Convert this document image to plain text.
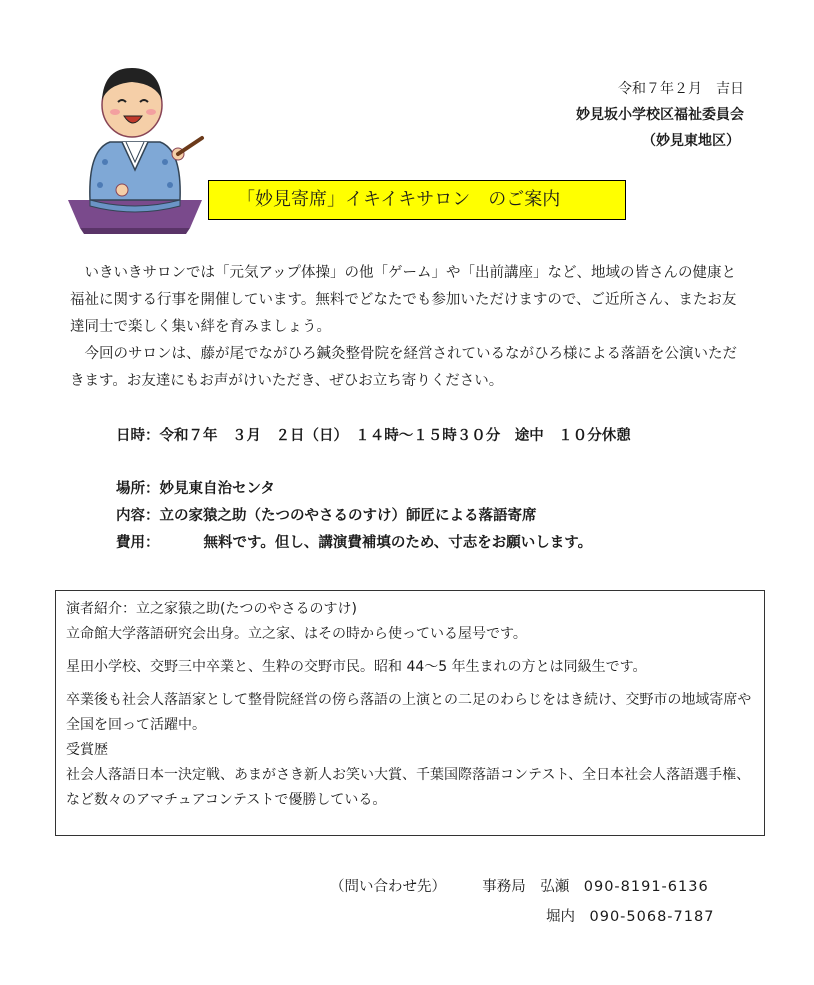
令和７年２月　吉日
妙見坂小学校区福祉委員会
（妙見東地区）
「妙見寄席」イキイキサロン　のご案内

いきいきサロンでは「元気アップ体操」の他「ゲーム」や「出前講座」など、地域の皆さんの健康と福祉に関する行事を開催しています。無料でどなたでも参加いただけますので、ご近所さん、またお友達同士で楽しく集い絆を育みましょう。

今回のサロンは、藤が尾でながひろ鍼灸整骨院を経営されているながひろ様による落語を公演いただきます。お友達にもお声がけいただき、ぜひお立ち寄りください。

日時：令和７年　３月　２日（日）　１４時～１５時３０分　途中　１０分休憩
場所：妙見東自治センタ
内容：立の家猿之助（たつのやさるのすけ）師匠による落語寄席
費用：	無料です。但し、講演費補填のため、寸志をお願いします。

演者紹介：立之家猿之助(たつのやさるのすけ)

立命館大学落語研究会出身。立之家、はその時から使っている屋号です。

星田小学校、交野三中卒業と、生粋の交野市民。昭和 44～5 年生まれの方とは同級生です。

卒業後も社会人落語家として整骨院経営の傍ら落語の上演との二足のわらじをはき続け、交野市の地域寄席や全国を回って活躍中。

受賞歴

社会人落語日本一決定戦、あまがさき新人お笑い大賞、千葉国際落語コンテスト、全日本社会人落語選手権、など数々のアマチュアコンテストで優勝している。

（問い合わせ先）　　　	事務局　 弘瀬　 090-8191-6136
堀内　 090-5068-7187
